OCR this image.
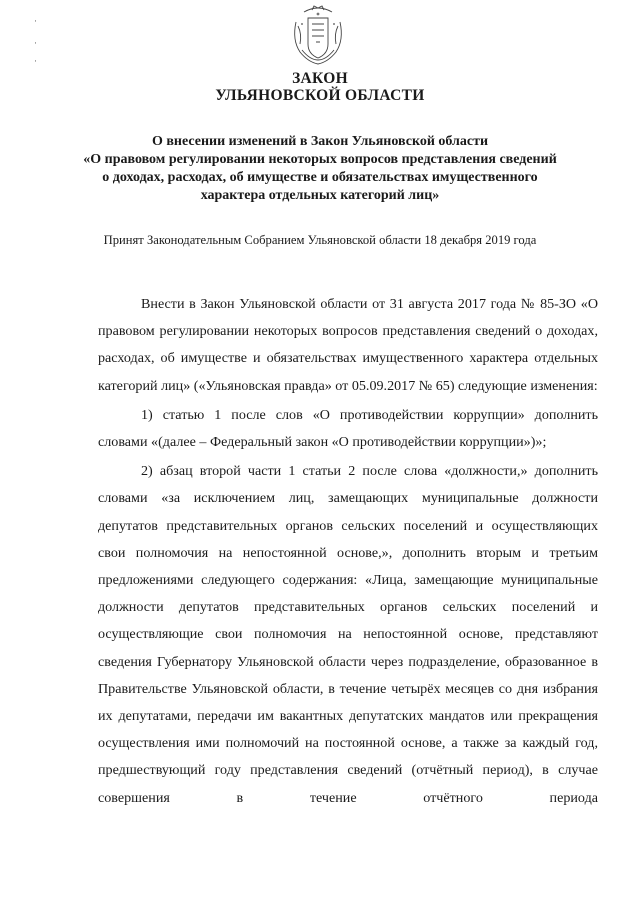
·
·
·
ЗАКОН
УЛЬЯНОВСКОЙ ОБЛАСТИ
О внесении изменений в Закон Ульяновской области
«О правовом регулировании некоторых вопросов представления сведений
о доходах, расходах, об имуществе и обязательствах имущественного
характера отдельных категорий лиц»
Принят Законодательным Собранием Ульяновской области 18 декабря 2019 года

Внести в Закон Ульяновской области от 31 августа 2017 года № 85-ЗО «О правовом регулировании некоторых вопросов представления сведений о доходах, расходах, об имуществе и обязательствах имущественного характера отдельных категорий лиц» («Ульяновская правда» от 05.09.2017 № 65) следующие изменения:

1) статью 1 после слов «О противодействии коррупции» дополнить словами «(далее – Федеральный закон «О противодействии коррупции»)»;

2) абзац второй части 1 статьи 2 после слова «должности,» дополнить словами «за исключением лиц, замещающих муниципальные должности депутатов представительных органов сельских поселений и осуществляющих свои полномочия на непостоянной основе,», дополнить вторым и третьим предложениями следующего содержания: «Лица, замещающие муниципальные должности депутатов представительных органов сельских поселений и осуществляющие свои полномочия на непостоянной основе, представляют сведения Губернатору Ульяновской области через подразделение, образованное в Правительстве Ульяновской области, в течение четырёх месяцев со дня избрания их депутатами, передачи им вакантных депутатских мандатов или прекращения осуществления ими полномочий на постоянной основе, а также за каждый год, предшествующий году представления сведений (отчётный период), в случае совершения в течение отчётного периода
